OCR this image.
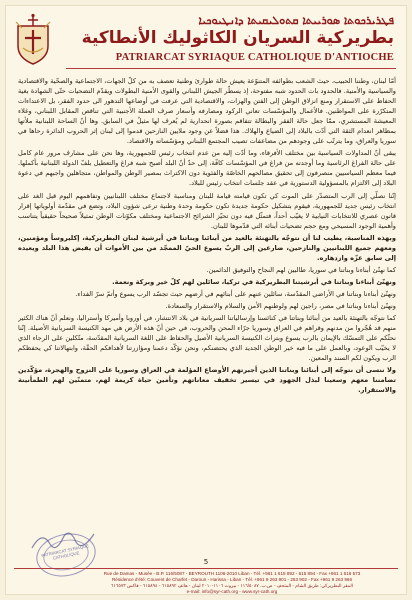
ܦܛܪܝܪܟܘܬܐ ܣܘܪܝܝܬܐ ܩܬܘܠܝܩܝܬܐ ܕܐܢܛܝܘܟܝܐ
بطريركية السريان الكاثوليك الأنطاكية
PATRIARCAT SYRIAQUE CATHOLIQUE D'ANTIOCHE

أمّا لبنان، وطننا الحبيب، حيث الشعب بطوائفه المتنوّعة يعيش حالة طوارئ وطنية تعصف به من كلّ الجهات، الاجتماعية والصحّية والاقتصادية والسياسية والأمنية. فالحدود بات الحدود شبه مفتوحة، إذ يسطّر الجيش اللبناني والقوى الأمنية البطولات ويقدّم التضحيات حتّى الشهادة بغية الحفاظ على الاستقرار ومنع انزلاق الوطن إلى الفتن والهزات، والاقتصادية التي عرفت في أوضاعها التدهور الى حدود الفقر، بل الاعتداءات المتكرّرة على المواطنين. فالأعمال والمؤسّسات تعاني الركود ومصارفه وأسعار صرف العملة الأجنبية التي تناقص المقابل اللبناني، وغلاء المعيشة المستشري، ممّا جعل حالة الفقر والبطالة تتفاقم بصورة انحدارية لم يُعرف لها مثيلٌ في السابق. وها أنّ الساحة اللبنانية ملأتها بمظاهر انعدام الثقة التي أدّت بالبلاد إلى الضياع والهلاك. هذا فضلاً عن وجود ملايين النازحين قدموا إلى لبنان إثر الحروب الدائرة رحاها في سوريا والعراق، وما يترتّب على وجودهم من مضاعفات تصيب المجتمع اللبناني ومؤسّساته والاقتصاد.

يبقى أنّ المداولات السياسية بين مختلف الأفرقاء، وما أدّت إليه من عدم انتخاب رئيس للجمهورية، وها نحن على مشارف مرور عام كامل على حالة الفراغ الرئاسية وما أوجدته من فراغ في المؤسّسات كافّة، إلى حدّ أنّ البلد أصبح شبه فراغ والتعطيل بلفّ الدولة اللبنانية بأكملها. فيما معظم السياسيين منصرفون إلى تحقيق مصالحهم الخاصّة والفئوية دون الاكتراث بمصير الوطن والمواطن، متجاهلين واجبهم في دعوة البلاد إلى الالتزام بالمسؤولية الدستورية في عقد جلسات انتخاب رئيس للبلاد.

إنّنا نصلّي إلى الرب المتصدّر على الموت كي تكون قيامته قيامة للبنان ومناسبة لاجتماع مختلف اللبنانيين وتفاهمهم اليوم قبل الغد على انتخاب رئيس جديد للجمهورية، فيقوم بتشكيل حكومة جديدة تكون حكومة وحدة وطنية ترعى شؤون البلاد، وتضع في مقدّمة أولوياتها إقرار قانون عصري للانتخابات النيابية لا يغيّب أحداً، فتمثّل فيه دون تحيّز الشرائح الاجتماعية ومختلف مكوّنات الوطن تمثيلاً صحيحاً حقيقياً يتناسب وأهمية الوجود المسيحي ومع حجم تضحيات أبنائه التي قدّموها للبنان.

وبهذه المناسبة، يطيب لنا أن نتوجّه بالتهنئة بالعيد من أبنائنا وبناتنا في أبرشية لبنان البطريركية، إكليروساً ومؤمنين، ومعهم جميع اللبنانيين والنازحين، ضارعين إلى الربّ يسوع الحيّ الممجّد من بين الأموات أن يفيض هذا البلد ويعيده إلى سابق عزّه وازدهاره.

كما نهنّئ أبناءنا وبناتنا في سوريا، طالبين لهم النجاح والتوفيق الدائمين.

ونهنّئ أبناءنا وبناتنا في أبرشيتنا البطريركية في تركيا، سائلين لهم كلّ خير وبركة ونعمة.

ونهنّئ أبناءنا وبناتنا في الأراضي المقدّسة، سائلين عنهم على أبنائهم في أرضهم حيث تجسّد الرب يسوع وأتمّ سرّ الفداء.

ونهنّئ أبناءنا وبناتنا في مصر، راجين لهم ولوطنهم الأمن والسلام والاستقرار والسعادة.

كما نتوجّه بالتهنئة بالعيد من أبنائنا وبناتنا في كنائسنا وإرسالياتنا السريانية في بلاد الانتشار، في أوروبا وأميركا وأستراليا، ونعلم أنّ هناك الكثير منهم قد هُجّروا من مدنهم وقراهم في العراق وسوريا جرّاء المحن والحروب، في حين أنّ هذه الأرض هي مهد الكنيسة السريانية الأصيلة. إنّنا نحثّكم على التمسّك بالإيمان بالرب يسوع وبتراث الكنيسة السريانية الأصيل والحفاظ على اللغة السريانية المقدّسة، متّكلين على الرجاء الذي لا يخيّب الوعود، وبالعمل على ما فيه خير الوطن الجديد الذي يحتضنكم، ونحن نؤكّد دعمنا ومؤازرتنا لأهدافكم الحقّة، وابتهالاتنا كي يحفظكم الرب ويكون لكم السند والمعين.

ولا ننسى أن نتوجّه إلى أبنائنا وبناتنا الذين أجبرتهم الأوضاع المؤلمة في العراق وسوريا على النزوح والهجرة، مؤكّدين تضامننا معهم وسعينا لبذل الجهود في تيسير تخفيف معاناتهم وتأمين حياة كريمة لهم، متمنّين لهم الطمأنينة والاستقرار.

5
PATRIARCAT SYRIAQUE CATHOLIQUE
Rue de Damas - Musée - B.P. 116/5087 - BEYROUTH 1106-2010 Liban - Tél. +961 1 615 892 - 615 894 - Fax +961 1 616 573
Résidence d'été: Couvent de Charfet - Daroun - Harissa - Liban - Tél. +961 9 263 901 - 263 902 - Fax +961 9 263 966
المقر البطريركي: طريق الشام - المتحف - ص.ب. ١١٦/٥٠٨٧ - بيروت ١١٠٦-٢٠١٠ لبنان - هاتف ٦١٥٨٩٢ - ٦١٥٨٩٤ - فاكس ٦١٦٥٧٣
e-mail: info@syr-cath.org - www.syr-cath.org
